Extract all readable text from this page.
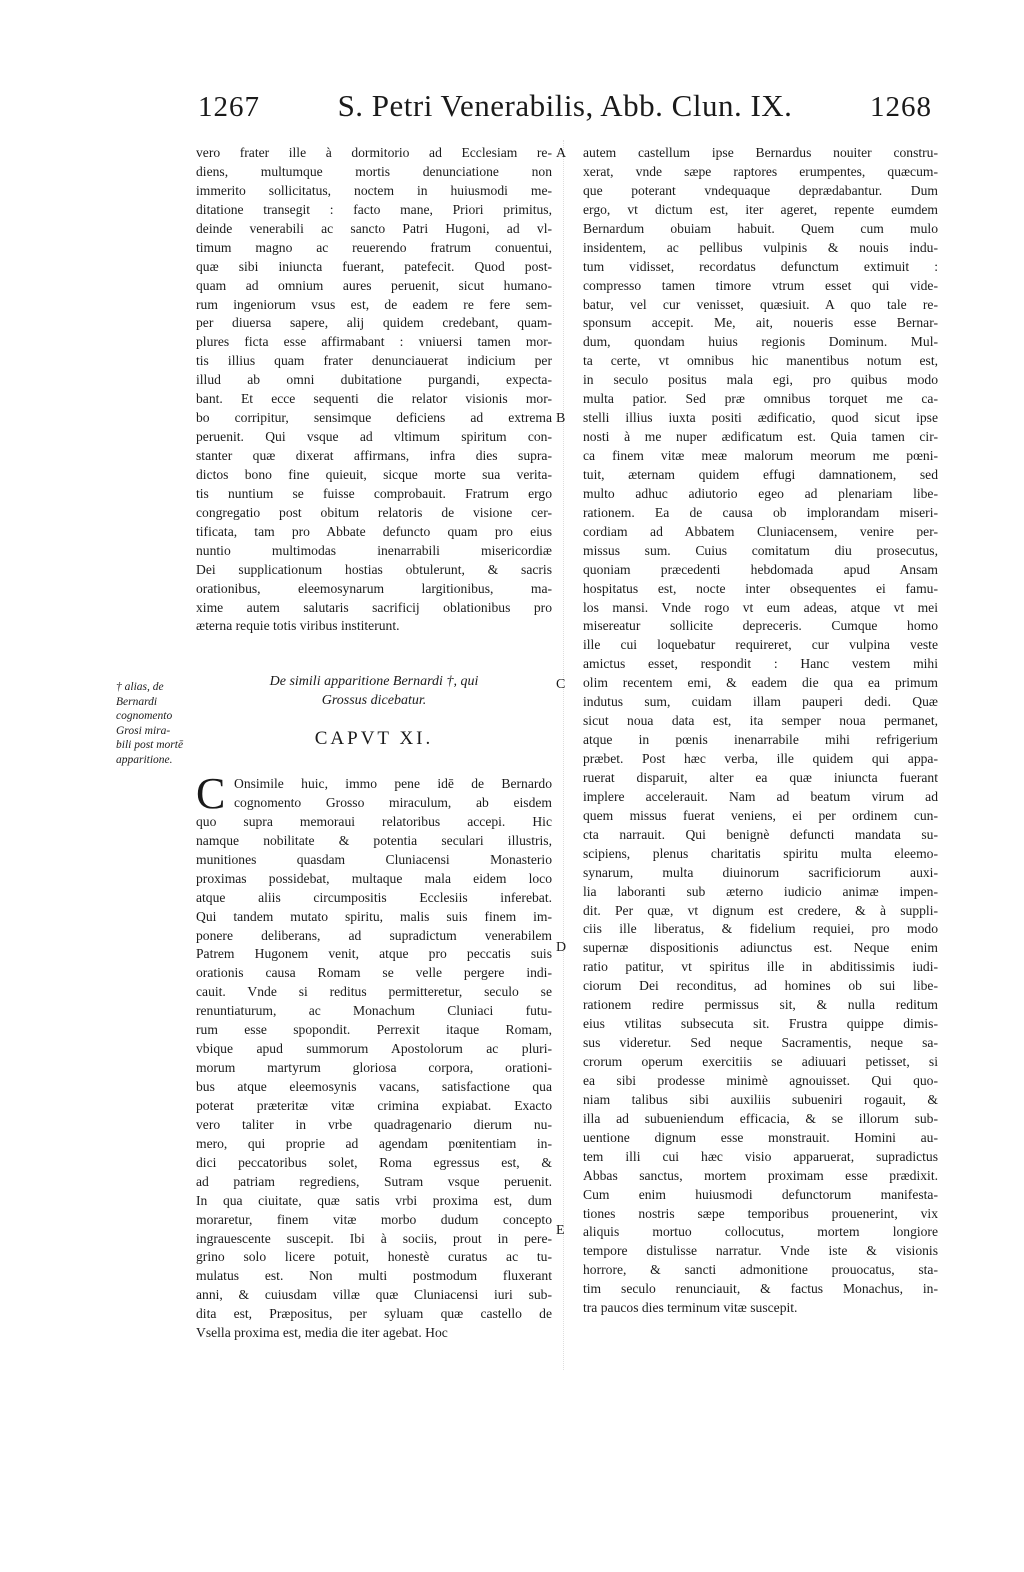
1267	S. Petri Venerabilis, Abb. Clun. IX.	1268
vero frater ille à dormitorio ad Ecclesiam re-
diens, multumque mortis denunciatione non
immerito sollicitatus, noctem in huiusmodi me-
ditatione transegit : facto mane, Priori primitus,
deinde venerabili ac sancto Patri Hugoni, ad vl-
timum magno ac reuerendo fratrum conuentui,
quæ sibi iniuncta fuerant, patefecit. Quod post-
quam ad omnium aures peruenit, sicut humano-
rum ingeniorum vsus est, de eadem re fere sem-
per diuersa sapere, alij quidem credebant, quam-
plures ficta esse affirmabant : vniuersi tamen mor-
tis illius quam frater denunciauerat indicium per
illud ab omni dubitatione purgandi, expecta-
bant. Et ecce sequenti die relator visionis mor-
bo corripitur, sensimque deficiens ad extrema
peruenit. Qui vsque ad vltimum spiritum con-
stanter quæ dixerat affirmans, infra dies supra-
dictos bono fine quieuit, sicque morte sua verita-
tis nuntium se fuisse comprobauit. Fratrum ergo
congregatio post obitum relatoris de visione cer-
tificata, tam pro Abbate defuncto quam pro eius
nuntio multimodas inenarrabili misericordiæ
Dei supplicationum hostias obtulerunt, & sacris
orationibus, eleemosynarum largitionibus, ma-
xime autem salutaris sacrificij oblationibus pro
æterna requie totis viribus institerunt.
De simili apparitione Bernardi †, qui
Grossus dicebatur.
CAPVT XI.
C Onsimile huic, immo pene idē de Bernardo
cognomento Grosso miraculum, ab eisdem
quo supra memoraui relatoribus accepi. Hic
namque nobilitate & potentia seculari illustris,
munitiones quasdam Cluniacensi Monasterio
proximas possidebat, multaque mala eidem loco
atque aliis circumpositis Ecclesiis inferebat.
Qui tandem mutato spiritu, malis suis finem im-
ponere deliberans, ad supradictum venerabilem
Patrem Hugonem venit, atque pro peccatis suis
orationis causa Romam se velle pergere indi-
cauit. Vnde si reditus permitteretur, seculo se
renuntiaturum, ac Monachum Cluniaci futu-
rum esse spopondit. Perrexit itaque Romam,
vbique apud summorum Apostolorum ac pluri-
morum martyrum gloriosa corpora, orationi-
bus atque eleemosynis vacans, satisfactione qua
poterat præteritæ vitæ crimina expiabat. Exacto
vero taliter in vrbe quadragenario dierum nu-
mero, qui proprie ad agendam pœnitentiam in-
dici peccatoribus solet, Roma egressus est, &
ad patriam regrediens, Sutram vsque peruenit.
In qua ciuitate, quæ satis vrbi proxima est, dum
moraretur, finem vitæ morbo dudum concepto
ingrauescente suscepit. Ibi à sociis, prout in pere-
grino solo licere potuit, honestè curatus ac tu-
mulatus est. Non multi postmodum fluxerant
anni, & cuiusdam villæ quæ Cluniacensi iuri sub-
dita est, Præpositus, per syluam quæ castello de
Vsella proxima est, media die iter agebat. Hoc
† alias, de
Bernardi
cognomento
Grosi mira-
bili post mortē
apparitione.
autem castellum ipse Bernardus nouiter constru-
xerat, vnde sæpe raptores erumpentes, quæcum-
que poterant vndequaque deprædabantur. Dum
ergo, vt dictum est, iter ageret, repente eumdem
Bernardum obuiam habuit. Quem cum mulo
insidentem, ac pellibus vulpinis & nouis indu-
tum vidisset, recordatus defunctum extimuit :
compresso tamen timore vtrum esset qui vide-
batur, vel cur venisset, quæsiuit. A quo tale re-
sponsum accepit. Me, ait, noueris esse Bernar-
dum, quondam huius regionis Dominum. Mul-
ta certe, vt omnibus hic manentibus notum est,
in seculo positus mala egi, pro quibus modo
multa patior. Sed præ omnibus torquet me ca-
stelli illius iuxta positi ædificatio, quod sicut ipse
nosti à me nuper ædificatum est. Quia tamen cir-
ca finem vitæ meæ malorum meorum me pœni-
tuit, æternam quidem effugi damnationem, sed
multo adhuc adiutorio egeo ad plenariam libe-
rationem. Ea de causa ob implorandam miseri-
cordiam ad Abbatem Cluniacensem, venire per-
missus sum. Cuius comitatum diu prosecutus,
quoniam præcedenti hebdomada apud Ansam
hospitatus est, nocte inter obsequentes ei famu-
los mansi. Vnde rogo vt eum adeas, atque vt mei
misereatur sollicite depreceris. Cumque homo
ille cui loquebatur requireret, cur vulpina veste
amictus esset, respondit : Hanc vestem mihi
olim recentem emi, & eadem die qua ea primum
indutus sum, cuidam illam pauperi dedi. Quæ
sicut noua data est, ita semper noua permanet,
atque in pœnis inenarrabile mihi refrigerium
præbet. Post hæc verba, ille quidem qui appa-
ruerat disparuit, alter ea quæ iniuncta fuerant
implere accelerauit. Nam ad beatum virum ad
quem missus fuerat veniens, ei per ordinem cun-
cta narrauit. Qui benignè defuncti mandata su-
scipiens, plenus charitatis spiritu multa eleemo-
synarum, multa diuinorum sacrificiorum auxi-
lia laboranti sub æterno iudicio animæ impen-
dit. Per quæ, vt dignum est credere, & à suppli-
ciis ille liberatus, & fidelium requiei, pro modo
supernæ dispositionis adiunctus est. Neque enim
ratio patitur, vt spiritus ille in abditissimis iudi-
ciorum Dei reconditus, ad homines ob sui libe-
rationem redire permissus sit, & nulla reditum
eius vtilitas subsecuta sit. Frustra quippe dimis-
sus videretur. Sed neque Sacramentis, neque sa-
crorum operum exercitiis se adiuuari petisset, si
ea sibi prodesse minimè agnouisset. Qui quo-
niam talibus sibi auxiliis subueniri rogauit, &
illa ad subueniendum efficacia, & se illorum sub-
uentione dignum esse monstrauit. Homini au-
tem illi cui hæc visio apparuerat, supradictus
Abbas sanctus, mortem proximam esse prædixit.
Cum enim huiusmodi defunctorum manifesta-
tiones nostris sæpe temporibus prouenerint, vix
aliquis mortuo collocutus, mortem longiore
tempore distulisse narratur. Vnde iste & visionis
horrore, & sancti admonitione prouocatus, sta-
tim seculo renunciauit, & factus Monachus, in-
tra paucos dies terminum vitæ suscepit.
A
B
C
D
E
